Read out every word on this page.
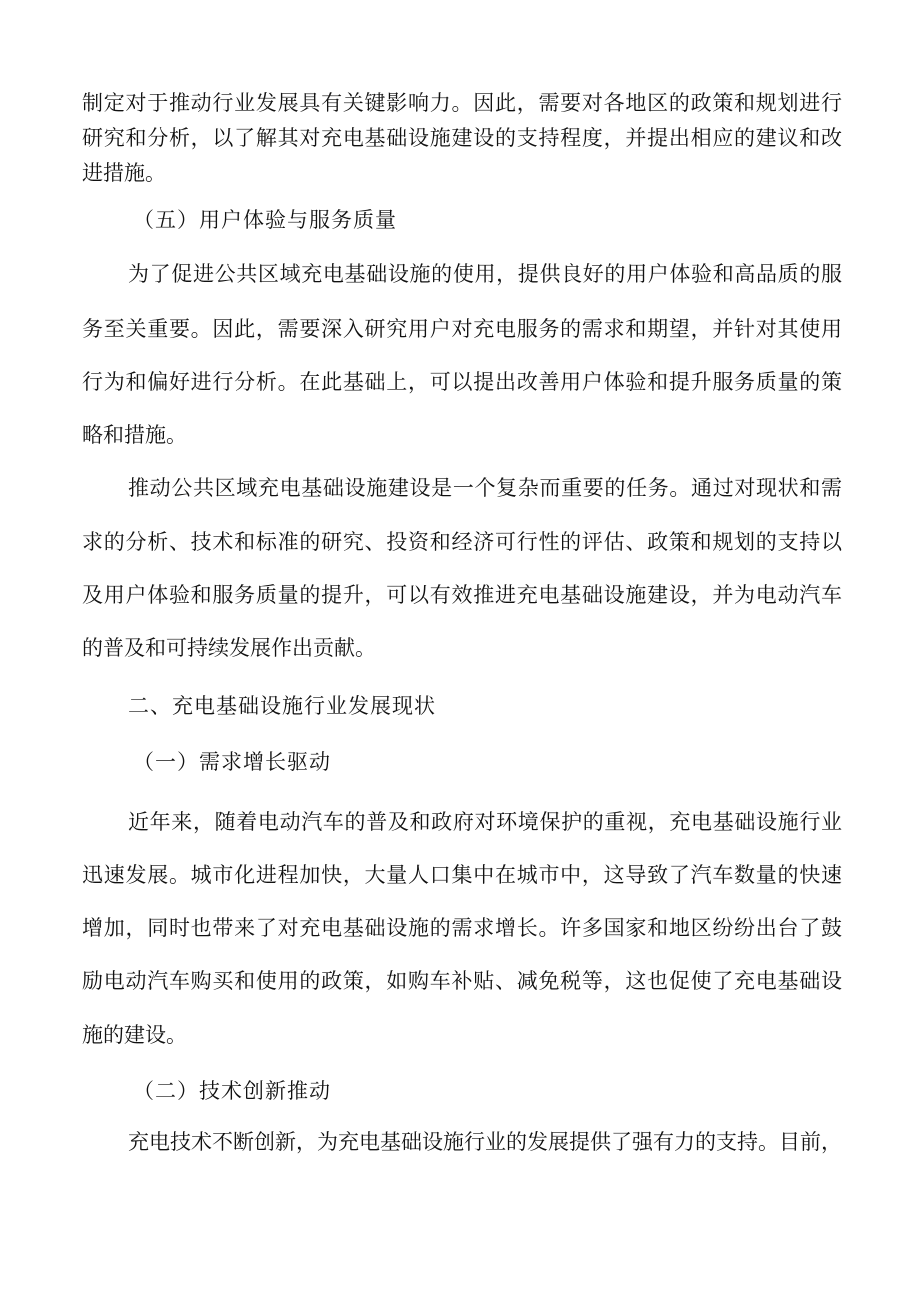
制定对于推动行业发展具有关键影响力。因此，需要对各地区的政策和规划进行
研究和分析，以了解其对充电基础设施建设的支持程度，并提出相应的建议和改
进措施。
（五）用户体验与服务质量
为了促进公共区域充电基础设施的使用，提供良好的用户体验和高品质的服
务至关重要。因此，需要深入研究用户对充电服务的需求和期望，并针对其使用
行为和偏好进行分析。在此基础上，可以提出改善用户体验和提升服务质量的策
略和措施。
推动公共区域充电基础设施建设是一个复杂而重要的任务。通过对现状和需
求的分析、技术和标准的研究、投资和经济可行性的评估、政策和规划的支持以
及用户体验和服务质量的提升，可以有效推进充电基础设施建设，并为电动汽车
的普及和可持续发展作出贡献。
二、充电基础设施行业发展现状
（一）需求增长驱动
近年来，随着电动汽车的普及和政府对环境保护的重视，充电基础设施行业
迅速发展。城市化进程加快，大量人口集中在城市中，这导致了汽车数量的快速
增加，同时也带来了对充电基础设施的需求增长。许多国家和地区纷纷出台了鼓
励电动汽车购买和使用的政策，如购车补贴、减免税等，这也促使了充电基础设
施的建设。
（二）技术创新推动
充电技术不断创新，为充电基础设施行业的发展提供了强有力的支持。目前，
